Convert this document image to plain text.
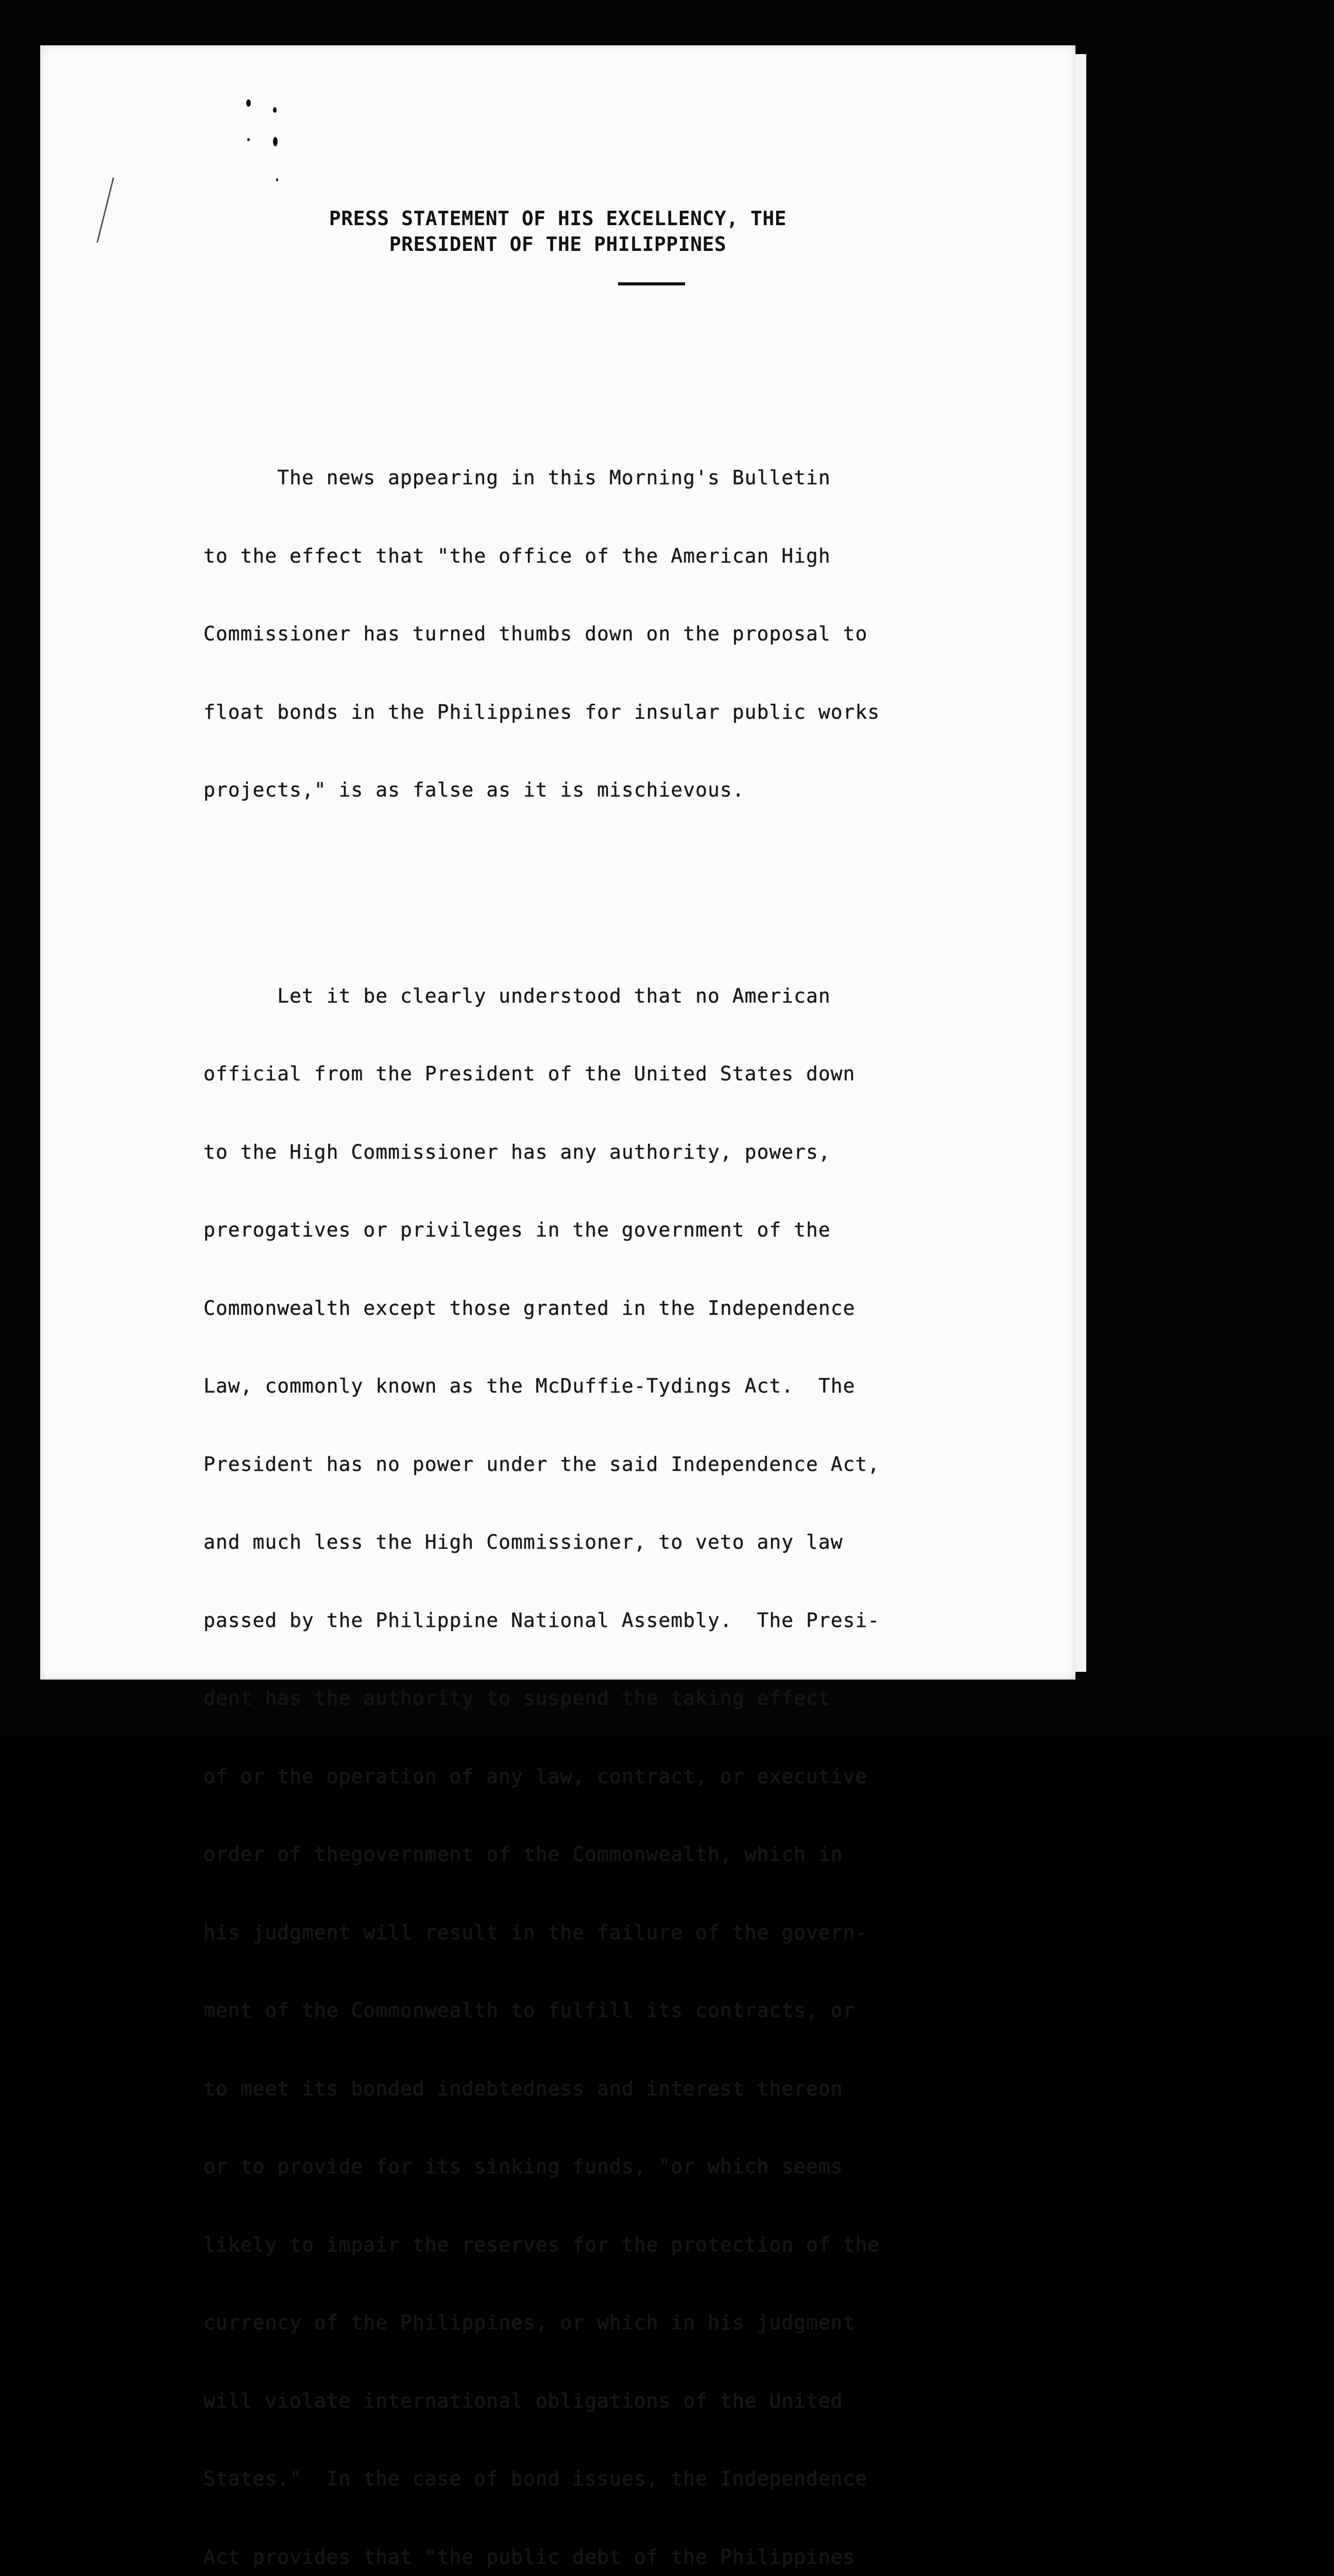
PRESS STATEMENT OF HIS EXCELLENCY, THE
PRESIDENT OF THE PHILIPPINES

The news appearing in this Morning's Bulletin

to the effect that "the office of the American High

Commissioner has turned thumbs down on the proposal to

float bonds in the Philippines for insular public works

projects," is as false as it is mischievous.

Let it be clearly understood that no American

official from the President of the United States down

to the High Commissioner has any authority, powers,

prerogatives or privileges in the government of the

Commonwealth except those granted in the Independence

Law, commonly known as the McDuffie-Tydings Act.  The

President has no power under the said Independence Act,

and much less the High Commissioner, to veto any law

passed by the Philippine National Assembly.  The Presi-

dent has the authority to suspend the taking effect

of or the operation of any law, contract, or executive

order of thegovernment of the Commonwealth, which in

his judgment will result in the failure of the govern-

ment of the Commonwealth to fulfill its contracts, or

to meet its bonded indebtedness and interest thereon

or to provide for its sinking funds, "or which seems

likely to impair the reserves for the protection of the

currency of the Philippines, or which in his judgment

will violate international obligations of the United

States."  In the case of bond issues, the Independence

Act provides that "the public debt of the Philippines
